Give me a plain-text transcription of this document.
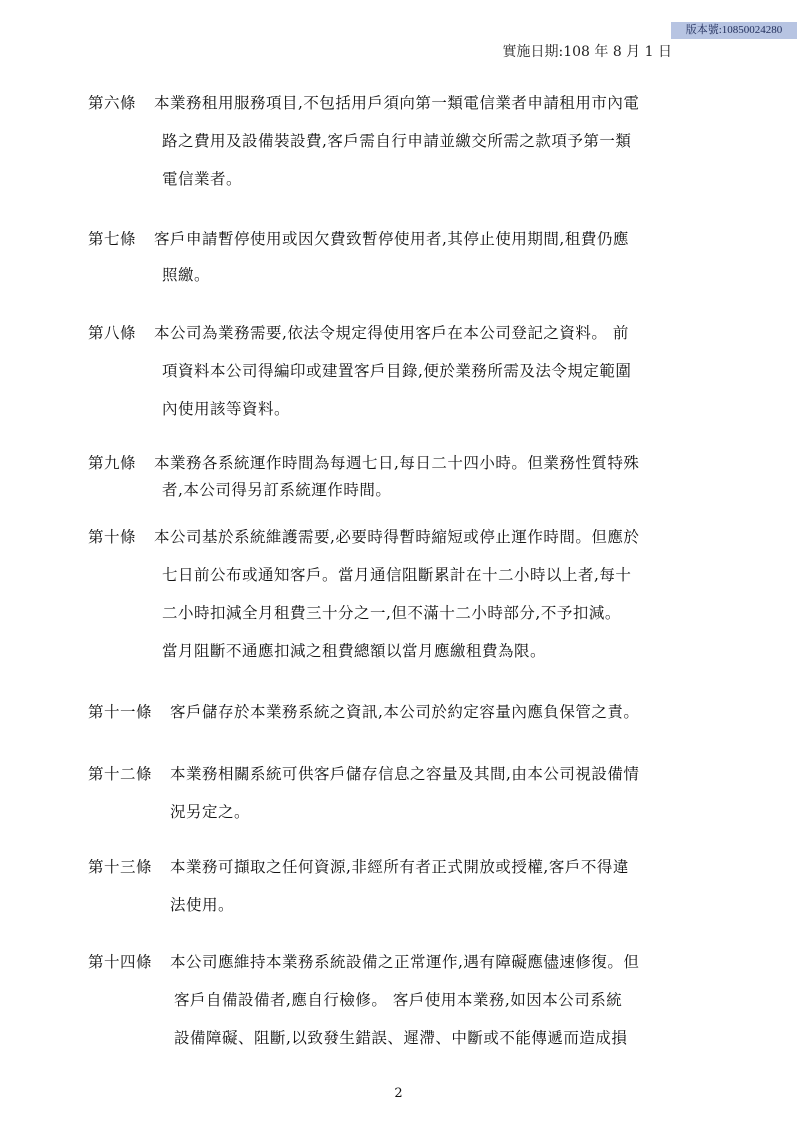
版本號:10850024280
實施日期:108 年 8 月 1 日
第六條 本業務租用服務項目,不包括用戶須向第一類電信業者申請租用市內電
路之費用及設備裝設費,客戶需自行申請並繳交所需之款項予第一類
電信業者。
第七條 客戶申請暫停使用或因欠費致暫停使用者,其停止使用期間,租費仍應
照繳。
第八條 本公司為業務需要,依法令規定得使用客戶在本公司登記之資料。 前
項資料本公司得編印或建置客戶目錄,便於業務所需及法令規定範圍
內使用該等資料。
第九條 本業務各系統運作時間為每週七日,每日二十四小時。但業務性質特殊
者,本公司得另訂系統運作時間。
第十條 本公司基於系統維護需要,必要時得暫時縮短或停止運作時間。但應於
七日前公布或通知客戶。當月通信阻斷累計在十二小時以上者,每十
二小時扣減全月租費三十分之一,但不滿十二小時部分,不予扣減。
當月阻斷不通應扣減之租費總額以當月應繳租費為限。
第十一條 客戶儲存於本業務系統之資訊,本公司於約定容量內應負保管之責。
第十二條 本業務相關系統可供客戶儲存信息之容量及其間,由本公司視設備情
況另定之。
第十三條 本業務可擷取之任何資源,非經所有者正式開放或授權,客戶不得違
法使用。
第十四條 本公司應維持本業務系統設備之正常運作,遇有障礙應儘速修復。但
客戶自備設備者,應自行檢修。 客戶使用本業務,如因本公司系統
設備障礙、阻斷,以致發生錯誤、遲滯、中斷或不能傳遞而造成損
2
